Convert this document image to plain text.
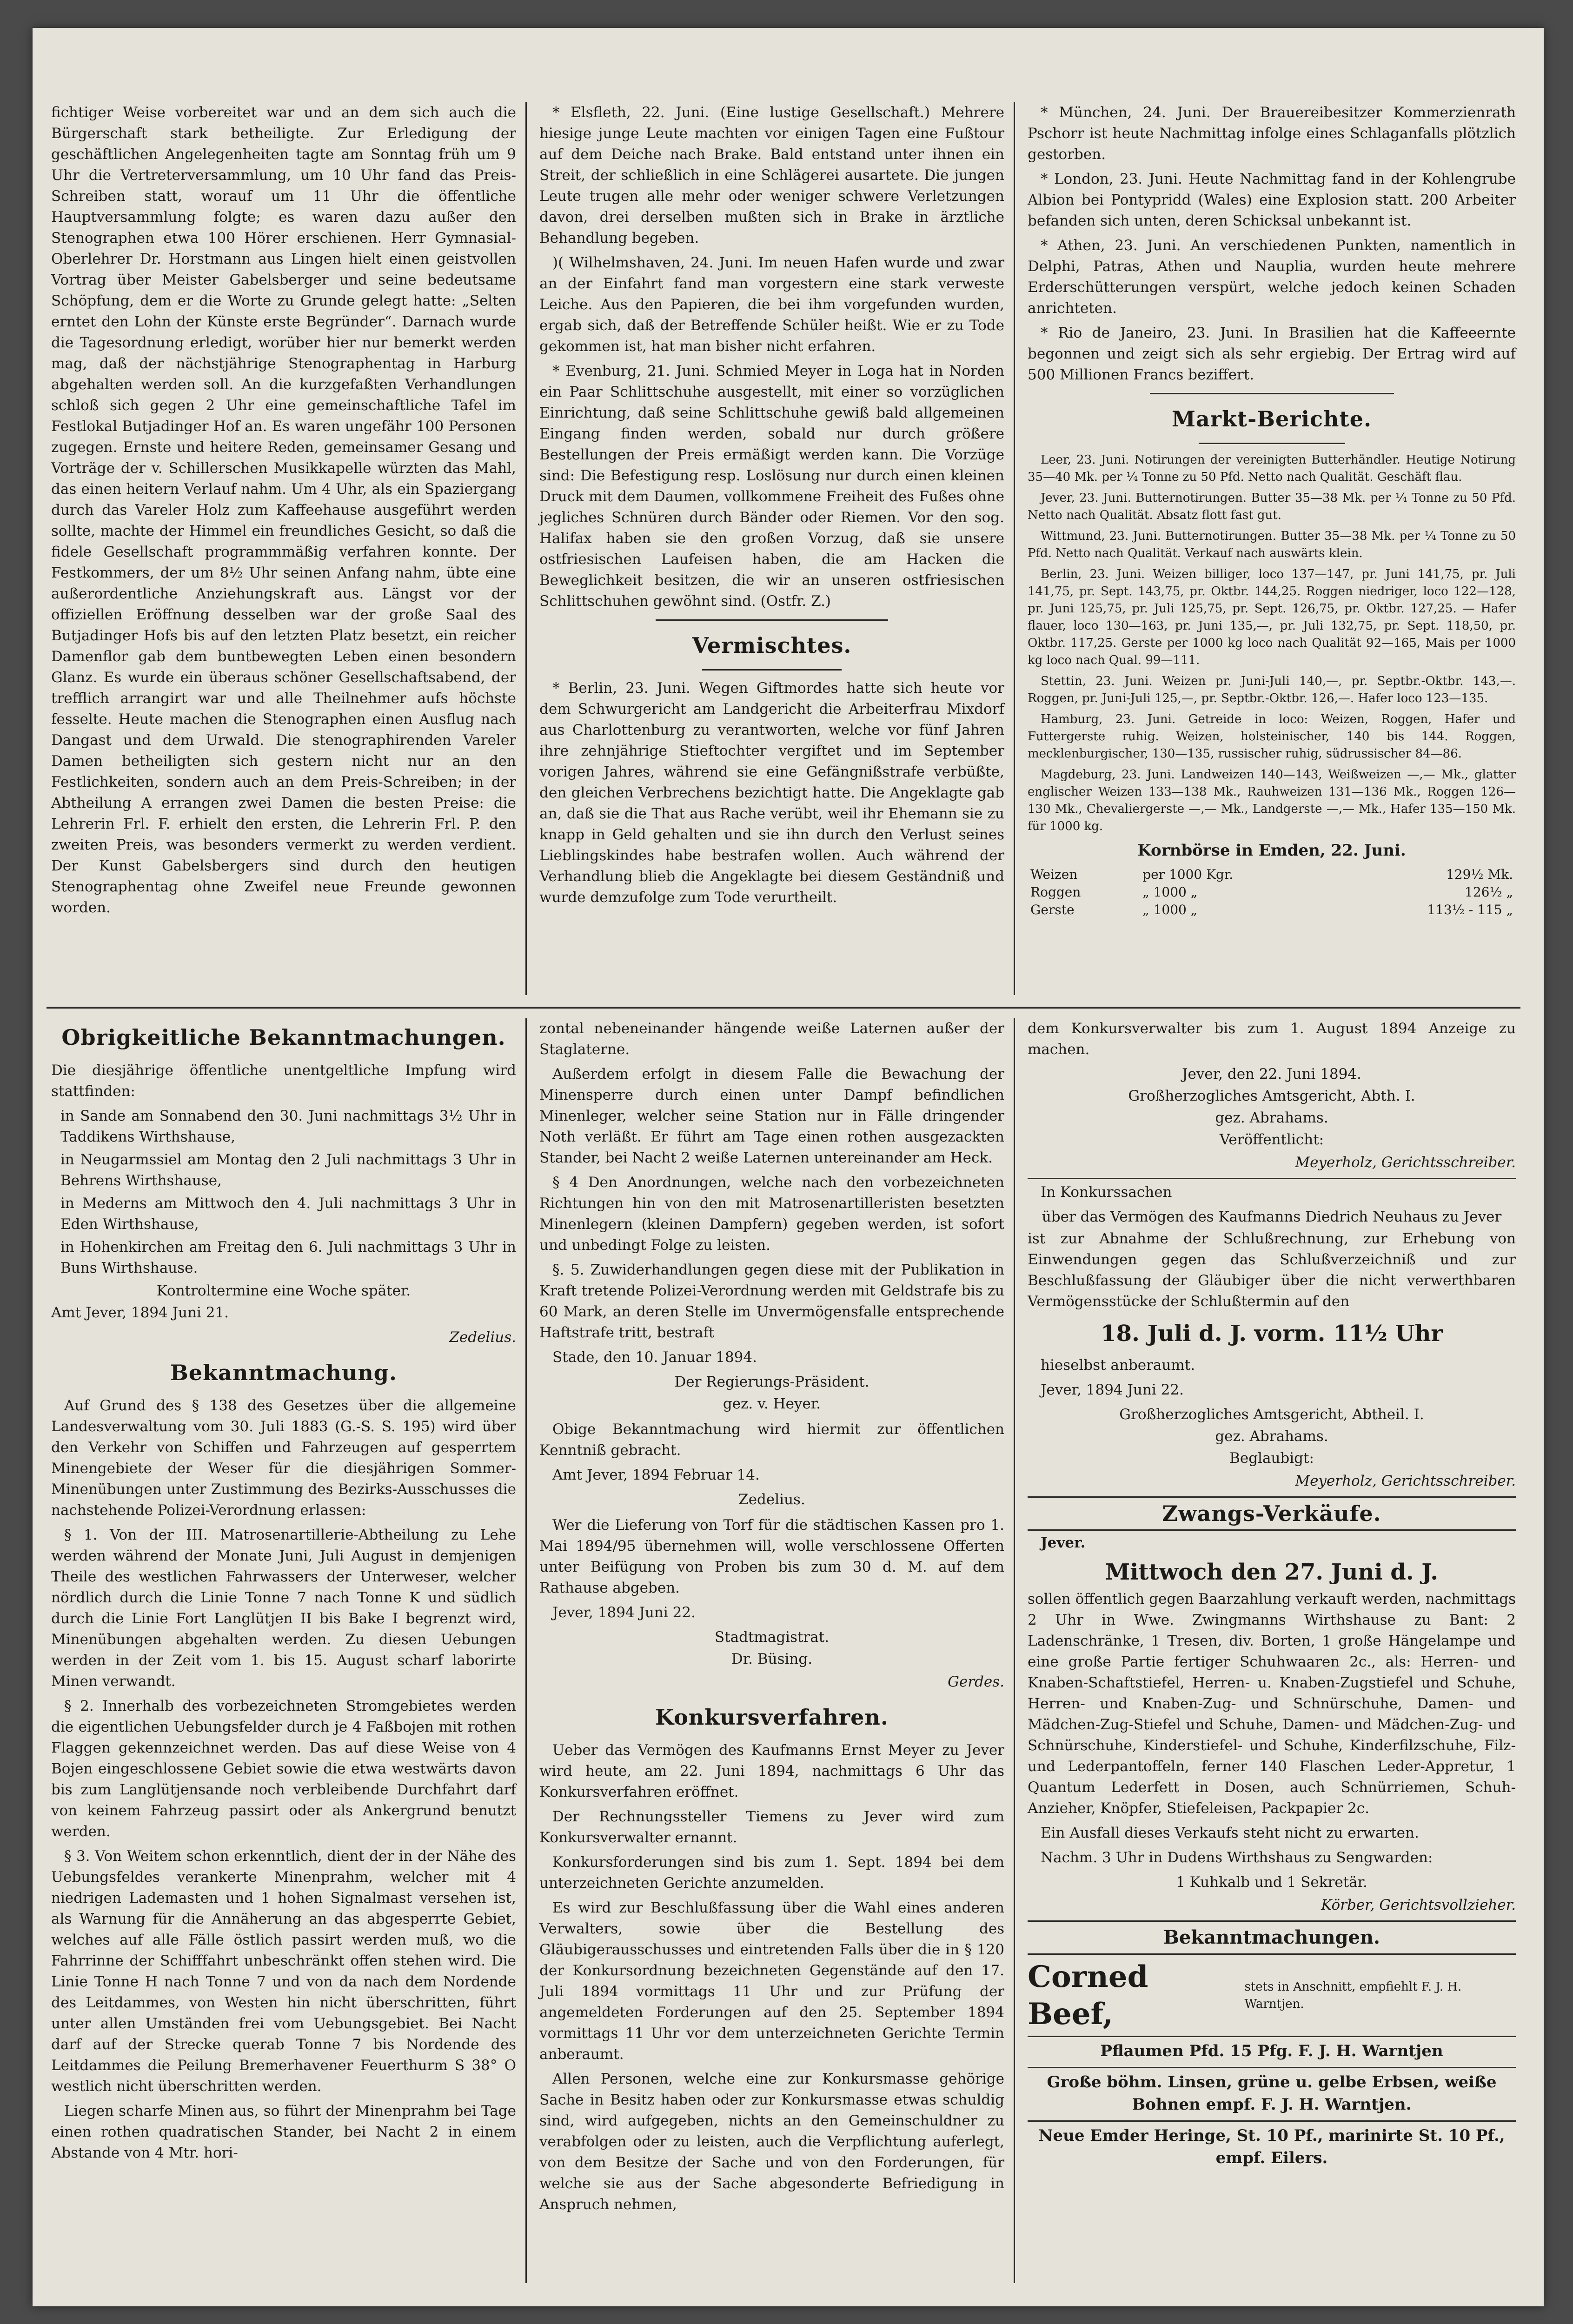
fichtiger Weise vorbereitet war und an dem sich auch die Bürgerschaft stark betheiligte. Zur Erledigung der geschäftlichen Angelegenheiten tagte am Sonntag früh um 9 Uhr die Vertreterversammlung, um 10 Uhr fand das Preis-Schreiben statt, worauf um 11 Uhr die öffentliche Hauptversammlung folgte; es waren dazu außer den Stenographen etwa 100 Hörer erschienen. Herr Gymnasial-Oberlehrer Dr. Horstmann aus Lingen hielt einen geistvollen Vortrag über Meister Gabelsberger und seine bedeutsame Schöpfung, dem er die Worte zu Grunde gelegt hatte: „Selten erntet den Lohn der Künste erste Begründer“. Darnach wurde die Tagesordnung erledigt, worüber hier nur bemerkt werden mag, daß der nächstjährige Stenographentag in Harburg abgehalten werden soll. An die kurzgefaßten Verhandlungen schloß sich gegen 2 Uhr eine gemeinschaftliche Tafel im Festlokal Butjadinger Hof an. Es waren ungefähr 100 Personen zugegen. Ernste und heitere Reden, gemeinsamer Gesang und Vorträge der v. Schillerschen Musikkapelle würzten das Mahl, das einen heitern Verlauf nahm. Um 4 Uhr, als ein Spaziergang durch das Vareler Holz zum Kaffeehause ausgeführt werden sollte, machte der Himmel ein freundliches Gesicht, so daß die fidele Gesellschaft programmmäßig verfahren konnte. Der Festkommers, der um 8½ Uhr seinen Anfang nahm, übte eine außerordentliche Anziehungskraft aus. Längst vor der offiziellen Eröffnung desselben war der große Saal des Butjadinger Hofs bis auf den letzten Platz besetzt, ein reicher Damenflor gab dem buntbewegten Leben einen besondern Glanz. Es wurde ein überaus schöner Gesellschaftsabend, der trefflich arrangirt war und alle Theilnehmer aufs höchste fesselte. Heute machen die Stenographen einen Ausflug nach Dangast und dem Urwald. Die stenographirenden Vareler Damen betheiligten sich gestern nicht nur an den Festlichkeiten, sondern auch an dem Preis-Schreiben; in der Abtheilung A errangen zwei Damen die besten Preise: die Lehrerin Frl. F. erhielt den ersten, die Lehrerin Frl. P. den zweiten Preis, was besonders vermerkt zu werden verdient. Der Kunst Gabelsbergers sind durch den heutigen Stenographentag ohne Zweifel neue Freunde gewonnen worden.

* Elsfleth, 22. Juni. (Eine lustige Gesellschaft.) Mehrere hiesige junge Leute machten vor einigen Tagen eine Fußtour auf dem Deiche nach Brake. Bald entstand unter ihnen ein Streit, der schließlich in eine Schlägerei ausartete. Die jungen Leute trugen alle mehr oder weniger schwere Verletzungen davon, drei derselben mußten sich in Brake in ärztliche Behandlung begeben.

)( Wilhelmshaven, 24. Juni. Im neuen Hafen wurde und zwar an der Einfahrt fand man vorgestern eine stark verweste Leiche. Aus den Papieren, die bei ihm vorgefunden wurden, ergab sich, daß der Betreffende Schüler heißt. Wie er zu Tode gekommen ist, hat man bisher nicht erfahren.

* Evenburg, 21. Juni. Schmied Meyer in Loga hat in Norden ein Paar Schlittschuhe ausgestellt, mit einer so vorzüglichen Einrichtung, daß seine Schlittschuhe gewiß bald allgemeinen Eingang finden werden, sobald nur durch größere Bestellungen der Preis ermäßigt werden kann. Die Vorzüge sind: Die Befestigung resp. Loslösung nur durch einen kleinen Druck mit dem Daumen, vollkommene Freiheit des Fußes ohne jegliches Schnüren durch Bänder oder Riemen. Vor den sog. Halifax haben sie den großen Vorzug, daß sie unsere ostfriesischen Laufeisen haben, die am Hacken die Beweglichkeit besitzen, die wir an unseren ostfriesischen Schlittschuhen gewöhnt sind. (Ostfr. Z.)

Vermischtes.

* Berlin, 23. Juni. Wegen Giftmordes hatte sich heute vor dem Schwurgericht am Landgericht die Arbeiterfrau Mixdorf aus Charlottenburg zu verantworten, welche vor fünf Jahren ihre zehnjährige Stieftochter vergiftet und im September vorigen Jahres, während sie eine Gefängnißstrafe verbüßte, den gleichen Verbrechens bezichtigt hatte. Die Angeklagte gab an, daß sie die That aus Rache verübt, weil ihr Ehemann sie zu knapp in Geld gehalten und sie ihn durch den Verlust seines Lieblingskindes habe bestrafen wollen. Auch während der Verhandlung blieb die Angeklagte bei diesem Geständniß und wurde demzufolge zum Tode verurtheilt.

* München, 24. Juni. Der Brauereibesitzer Kommerzienrath Pschorr ist heute Nachmittag infolge eines Schlaganfalls plötzlich gestorben.

* London, 23. Juni. Heute Nachmittag fand in der Kohlengrube Albion bei Pontypridd (Wales) eine Explosion statt. 200 Arbeiter befanden sich unten, deren Schicksal unbekannt ist.

* Athen, 23. Juni. An verschiedenen Punkten, namentlich in Delphi, Patras, Athen und Nauplia, wurden heute mehrere Erderschütterungen verspürt, welche jedoch keinen Schaden anrichteten.

* Rio de Janeiro, 23. Juni. In Brasilien hat die Kaffeeernte begonnen und zeigt sich als sehr ergiebig. Der Ertrag wird auf 500 Millionen Francs beziffert.

Markt-Berichte.

Leer, 23. Juni. Notirungen der vereinigten Butterhändler. Heutige Notirung 35—40 Mk. per ¼ Tonne zu 50 Pfd. Netto nach Qualität. Geschäft flau.

Jever, 23. Juni. Butternotirungen. Butter 35—38 Mk. per ¼ Tonne zu 50 Pfd. Netto nach Qualität. Absatz flott fast gut.

Wittmund, 23. Juni. Butternotirungen. Butter 35—38 Mk. per ¼ Tonne zu 50 Pfd. Netto nach Qualität. Verkauf nach auswärts klein.

Berlin, 23. Juni. Weizen billiger, loco 137—147, pr. Juni 141,75, pr. Juli 141,75, pr. Sept. 143,75, pr. Oktbr. 144,25. Roggen niedriger, loco 122—128, pr. Juni 125,75, pr. Juli 125,75, pr. Sept. 126,75, pr. Oktbr. 127,25. — Hafer flauer, loco 130—163, pr. Juni 135,—, pr. Juli 132,75, pr. Sept. 118,50, pr. Oktbr. 117,25. Gerste per 1000 kg loco nach Qualität 92—165, Mais per 1000 kg loco nach Qual. 99—111.

Stettin, 23. Juni. Weizen pr. Juni-Juli 140,—, pr. Septbr.-Oktbr. 143,—. Roggen, pr. Juni-Juli 125,—, pr. Septbr.-Oktbr. 126,—. Hafer loco 123—135.

Hamburg, 23. Juni. Getreide in loco: Weizen, Roggen, Hafer und Futtergerste ruhig. Weizen, holsteinischer, 140 bis 144. Roggen, mecklenburgischer, 130—135, russischer ruhig, südrussischer 84—86.

Magdeburg, 23. Juni. Landweizen 140—143, Weißweizen —,— Mk., glatter englischer Weizen 133—138 Mk., Rauhweizen 131—136 Mk., Roggen 126—130 Mk., Chevaliergerste —,— Mk., Landgerste —,— Mk., Hafer 135—150 Mk. für 1000 kg.

Kornbörse in Emden, 22. Juni.
Weizen	per 1000 Kgr.	129½ Mk.
Roggen	„ 1000 „	126½ „
Gerste	„ 1000 „	113½ - 115 „
Obrigkeitliche Bekanntmachungen.

Die diesjährige öffentliche unentgeltliche Impfung wird stattfinden:

in Sande am Sonnabend den 30. Juni nachmittags 3½ Uhr in Taddikens Wirthshause,
in Neugarmssiel am Montag den 2 Juli nachmittags 3 Uhr in Behrens Wirthshause,
in Mederns am Mittwoch den 4. Juli nachmittags 3 Uhr in Eden Wirthshause,
in Hohenkirchen am Freitag den 6. Juli nachmittags 3 Uhr in Buns Wirthshause.
Kontroltermine eine Woche später.

Amt Jever, 1894 Juni 21.

Zedelius.
Bekanntmachung.

Auf Grund des § 138 des Gesetzes über die allgemeine Landesverwaltung vom 30. Juli 1883 (G.-S. S. 195) wird über den Verkehr von Schiffen und Fahrzeugen auf gesperrtem Minengebiete der Weser für die diesjährigen Sommer-Minenübungen unter Zustimmung des Bezirks-Ausschusses die nachstehende Polizei-Verordnung erlassen:

§ 1. Von der III. Matrosenartillerie-Abtheilung zu Lehe werden während der Monate Juni, Juli August in demjenigen Theile des westlichen Fahrwassers der Unterweser, welcher nördlich durch die Linie Tonne 7 nach Tonne K und südlich durch die Linie Fort Langlütjen II bis Bake I begrenzt wird, Minenübungen abgehalten werden. Zu diesen Uebungen werden in der Zeit vom 1. bis 15. August scharf laborirte Minen verwandt.

§ 2. Innerhalb des vorbezeichneten Stromgebietes werden die eigentlichen Uebungsfelder durch je 4 Faßbojen mit rothen Flaggen gekennzeichnet werden. Das auf diese Weise von 4 Bojen eingeschlossene Gebiet sowie die etwa westwärts davon bis zum Langlütjensande noch verbleibende Durchfahrt darf von keinem Fahrzeug passirt oder als Ankergrund benutzt werden.

§ 3. Von Weitem schon erkenntlich, dient der in der Nähe des Uebungsfeldes verankerte Minenprahm, welcher mit 4 niedrigen Lademasten und 1 hohen Signalmast versehen ist, als Warnung für die Annäherung an das abgesperrte Gebiet, welches auf alle Fälle östlich passirt werden muß, wo die Fahrrinne der Schifffahrt unbeschränkt offen stehen wird. Die Linie Tonne H nach Tonne 7 und von da nach dem Nordende des Leitdammes, von Westen hin nicht überschritten, führt unter allen Umständen frei vom Uebungsgebiet. Bei Nacht darf auf der Strecke querab Tonne 7 bis Nordende des Leitdammes die Peilung Bremerhavener Feuerthurm S 38° O westlich nicht überschritten werden.

Liegen scharfe Minen aus, so führt der Minenprahm bei Tage einen rothen quadratischen Stander, bei Nacht 2 in einem Abstande von 4 Mtr. hori-

zontal nebeneinander hängende weiße Laternen außer der Staglaterne.

Außerdem erfolgt in diesem Falle die Bewachung der Minensperre durch einen unter Dampf befindlichen Minenleger, welcher seine Station nur in Fälle dringender Noth verläßt. Er führt am Tage einen rothen ausgezackten Stander, bei Nacht 2 weiße Laternen untereinander am Heck.

§ 4 Den Anordnungen, welche nach den vorbezeichneten Richtungen hin von den mit Matrosenartilleristen besetzten Minenlegern (kleinen Dampfern) gegeben werden, ist sofort und unbedingt Folge zu leisten.

§. 5. Zuwiderhandlungen gegen diese mit der Publikation in Kraft tretende Polizei-Verordnung werden mit Geldstrafe bis zu 60 Mark, an deren Stelle im Unvermögensfalle entsprechende Haftstrafe tritt, bestraft

Stade, den 10. Januar 1894.

Der Regierungs-Präsident.
gez. v. Heyer.

Obige Bekanntmachung wird hiermit zur öffentlichen Kenntniß gebracht.

Amt Jever, 1894 Februar 14.

Zedelius.

Wer die Lieferung von Torf für die städtischen Kassen pro 1. Mai 1894/95 übernehmen will, wolle verschlossene Offerten unter Beifügung von Proben bis zum 30 d. M. auf dem Rathause abgeben.

Jever, 1894 Juni 22.

Stadtmagistrat.
Dr. Büsing.
Gerdes.
Konkursverfahren.

Ueber das Vermögen des Kaufmanns Ernst Meyer zu Jever wird heute, am 22. Juni 1894, nachmittags 6 Uhr das Konkursverfahren eröffnet.

Der Rechnungssteller Tiemens zu Jever wird zum Konkursverwalter ernannt.

Konkursforderungen sind bis zum 1. Sept. 1894 bei dem unterzeichneten Gerichte anzumelden.

Es wird zur Beschlußfassung über die Wahl eines anderen Verwalters, sowie über die Bestellung des Gläubigerausschusses und eintretenden Falls über die in § 120 der Konkursordnung bezeichneten Gegenstände auf den 17. Juli 1894 vormittags 11 Uhr und zur Prüfung der angemeldeten Forderungen auf den 25. September 1894 vormittags 11 Uhr vor dem unterzeichneten Gerichte Termin anberaumt.

Allen Personen, welche eine zur Konkursmasse gehörige Sache in Besitz haben oder zur Konkursmasse etwas schuldig sind, wird aufgegeben, nichts an den Gemeinschuldner zu verabfolgen oder zu leisten, auch die Verpflichtung auferlegt, von dem Besitze der Sache und von den Forderungen, für welche sie aus der Sache abgesonderte Befriedigung in Anspruch nehmen,

dem Konkursverwalter bis zum 1. August 1894 Anzeige zu machen.

Jever, den 22. Juni 1894.
Großherzogliches Amtsgericht, Abth. I.
gez. Abrahams.
Veröffentlicht:
Meyerholz, Gerichtsschreiber.

In Konkurssachen

über das Vermögen des Kaufmanns Diedrich Neuhaus zu Jever

ist zur Abnahme der Schlußrechnung, zur Erhebung von Einwendungen gegen das Schlußverzeichniß und zur Beschlußfassung der Gläubiger über die nicht verwerthbaren Vermögensstücke der Schlußtermin auf den

18. Juli d. J. vorm. 11½ Uhr

hieselbst anberaumt.

Jever, 1894 Juni 22.

Großherzogliches Amtsgericht, Abtheil. I.
gez. Abrahams.
Beglaubigt:
Meyerholz, Gerichtsschreiber.
Zwangs-Verkäufe.

Jever.

Mittwoch den 27. Juni d. J.

sollen öffentlich gegen Baarzahlung verkauft werden, nachmittags 2 Uhr in Wwe. Zwingmanns Wirthshause zu Bant: 2 Ladenschränke, 1 Tresen, div. Borten, 1 große Hängelampe und eine große Partie fertiger Schuhwaaren 2c., als: Herren- und Knaben-Schaftstiefel, Herren- u. Knaben-Zugstiefel und Schuhe, Herren- und Knaben-Zug- und Schnürschuhe, Damen- und Mädchen-Zug-Stiefel und Schuhe, Damen- und Mädchen-Zug- und Schnürschuhe, Kinderstiefel- und Schuhe, Kinderfilzschuhe, Filz- und Lederpantoffeln, ferner 140 Flaschen Leder-Appretur, 1 Quantum Lederfett in Dosen, auch Schnürriemen, Schuh-Anzieher, Knöpfer, Stiefeleisen, Packpapier 2c.

Ein Ausfall dieses Verkaufs steht nicht zu erwarten.

Nachm. 3 Uhr in Dudens Wirthshaus zu Sengwarden:

1 Kuhkalb und 1 Sekretär.
Körber, Gerichtsvollzieher.
Bekanntmachungen.
Corned Beef,
stets in Anschnitt, empfiehlt F. J. H. Warntjen.
Pflaumen Pfd. 15 Pfg. F. J. H. Warntjen
Große böhm. Linsen, grüne u. gelbe Erbsen, weiße Bohnen empf. F. J. H. Warntjen.
Neue Emder Heringe, St. 10 Pf., marinirte St. 10 Pf., empf. Eilers.
